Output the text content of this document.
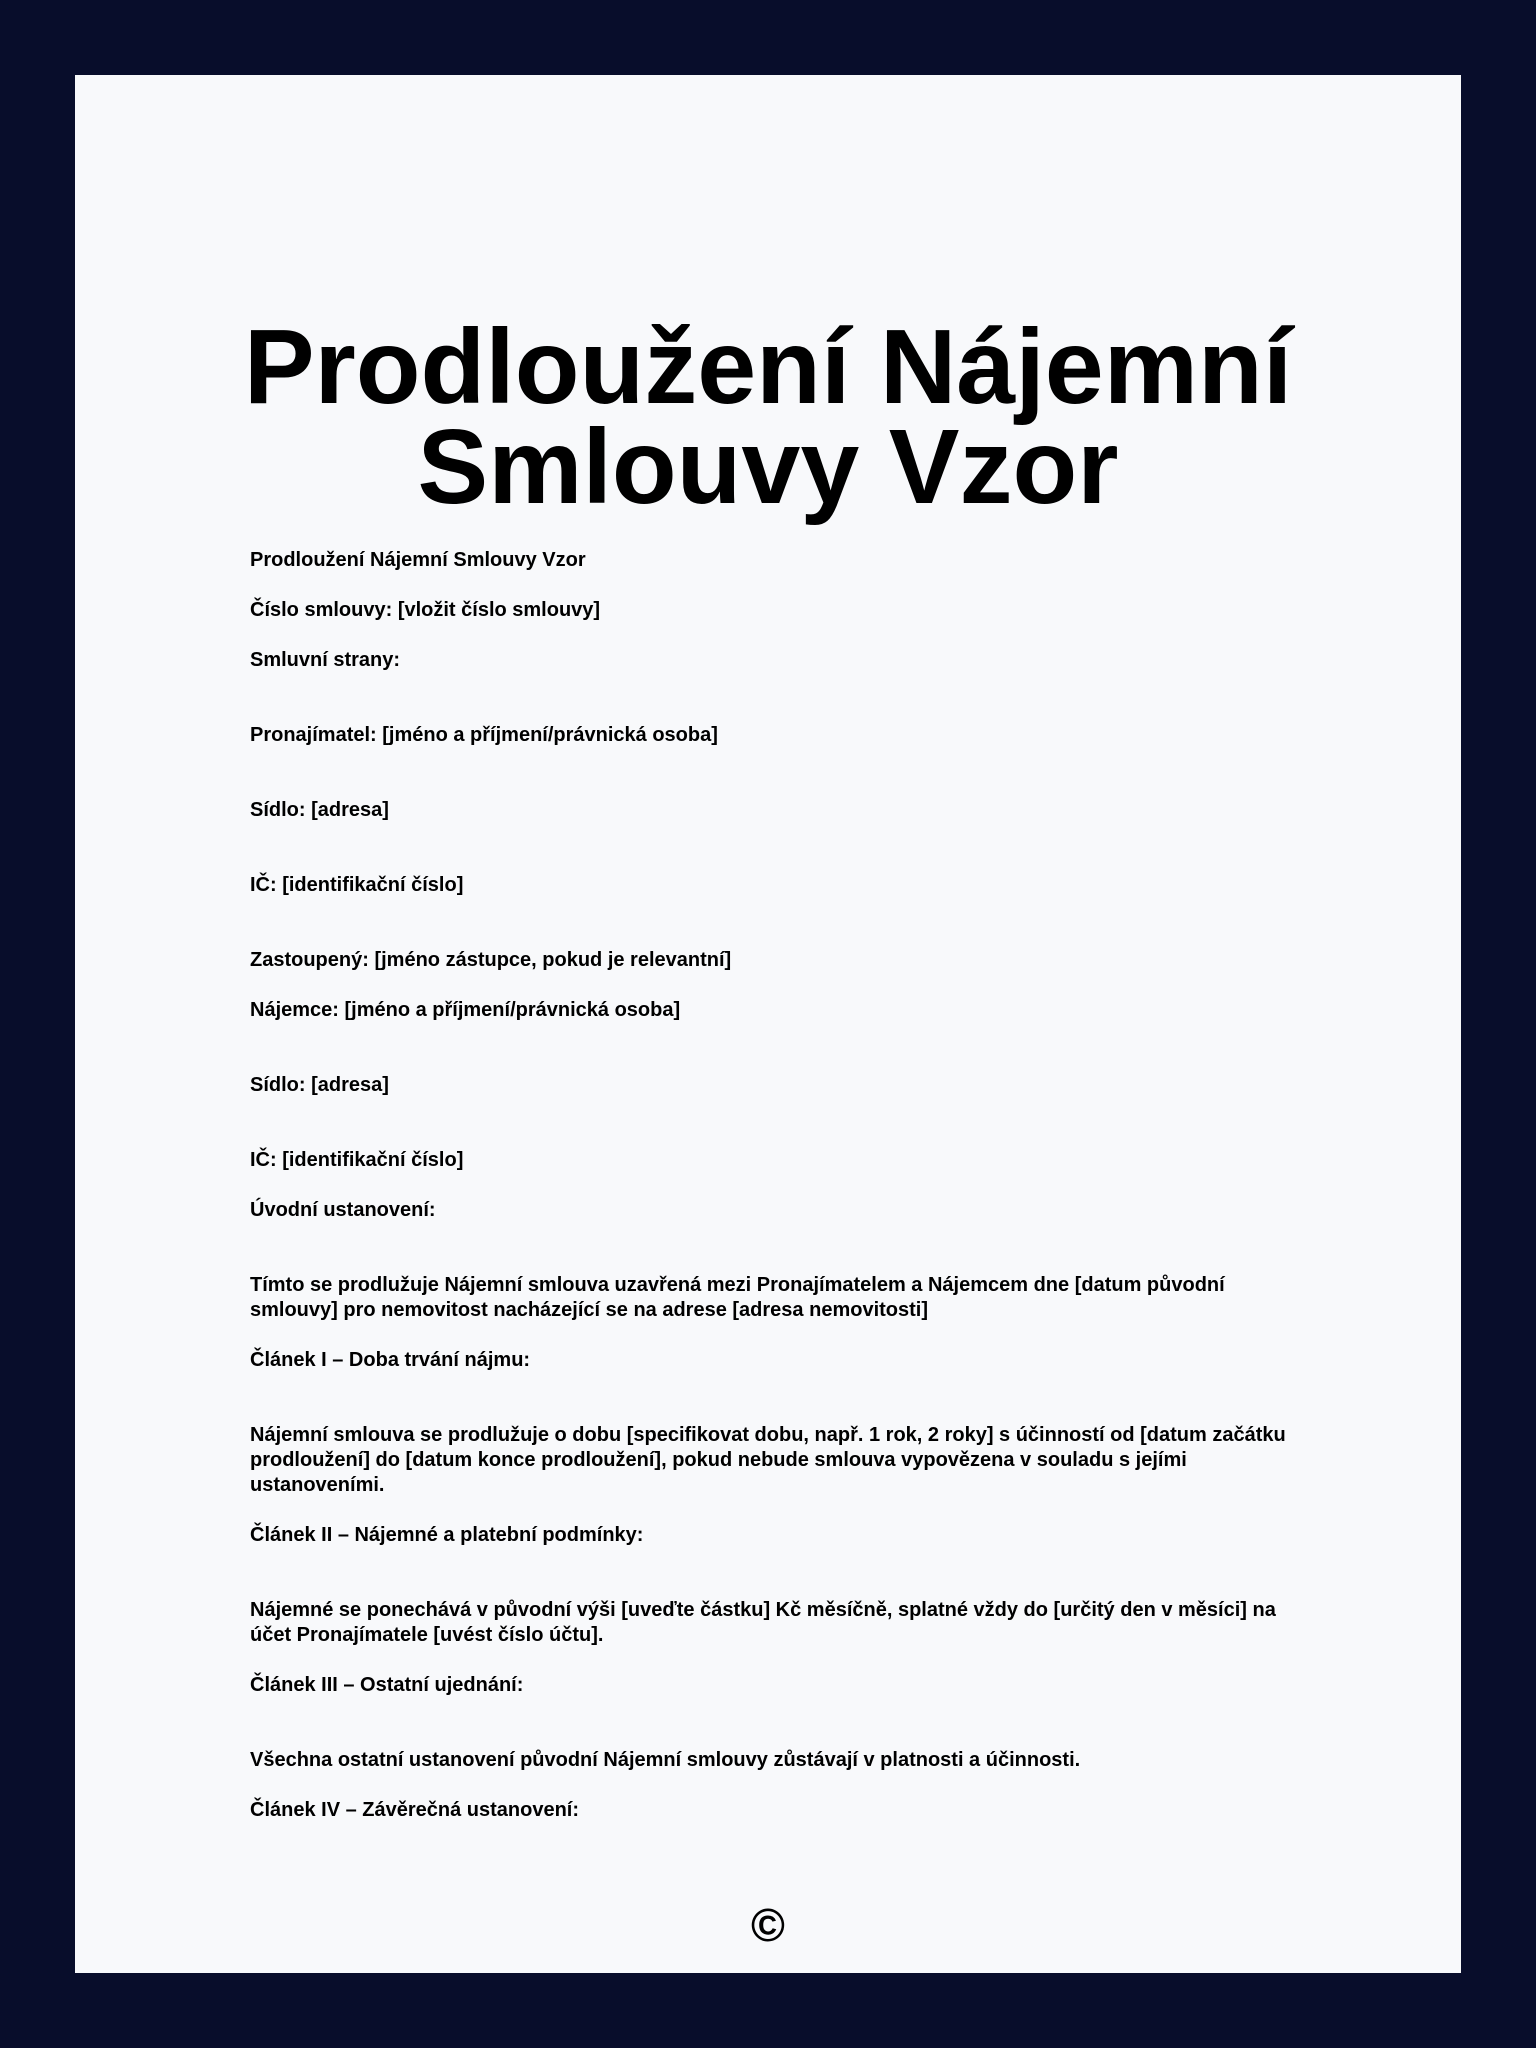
Prodloužení Nájemní Smlouvy Vzor

Prodloužení Nájemní Smlouvy Vzor

Číslo smlouvy: [vložit číslo smlouvy]

Smluvní strany:

Pronajímatel: [jméno a příjmení/právnická osoba]

Sídlo: [adresa]

IČ: [identifikační číslo]

Zastoupený: [jméno zástupce, pokud je relevantní]

Nájemce: [jméno a příjmení/právnická osoba]

Sídlo: [adresa]

IČ: [identifikační číslo]

Úvodní ustanovení:

Tímto se prodlužuje Nájemní smlouva uzavřená mezi Pronajímatelem a Nájemcem dne [datum původní smlouvy] pro nemovitost nacházející se na adrese [adresa nemovitosti]

Článek I – Doba trvání nájmu:

Nájemní smlouva se prodlužuje o dobu [specifikovat dobu, např. 1 rok, 2 roky] s účinností od [datum začátku prodloužení] do [datum konce prodloužení], pokud nebude smlouva vypovězena v souladu s jejími ustanoveními.

Článek II – Nájemné a platební podmínky:

Nájemné se ponechává v původní výši [uveďte částku] Kč měsíčně, splatné vždy do [určitý den v měsíci] na účet Pronajímatele [uvést číslo účtu].

Článek III – Ostatní ujednání:

Všechna ostatní ustanovení původní Nájemní smlouvy zůstávají v platnosti a účinnosti.

Článek IV – Závěrečná ustanovení:

©
